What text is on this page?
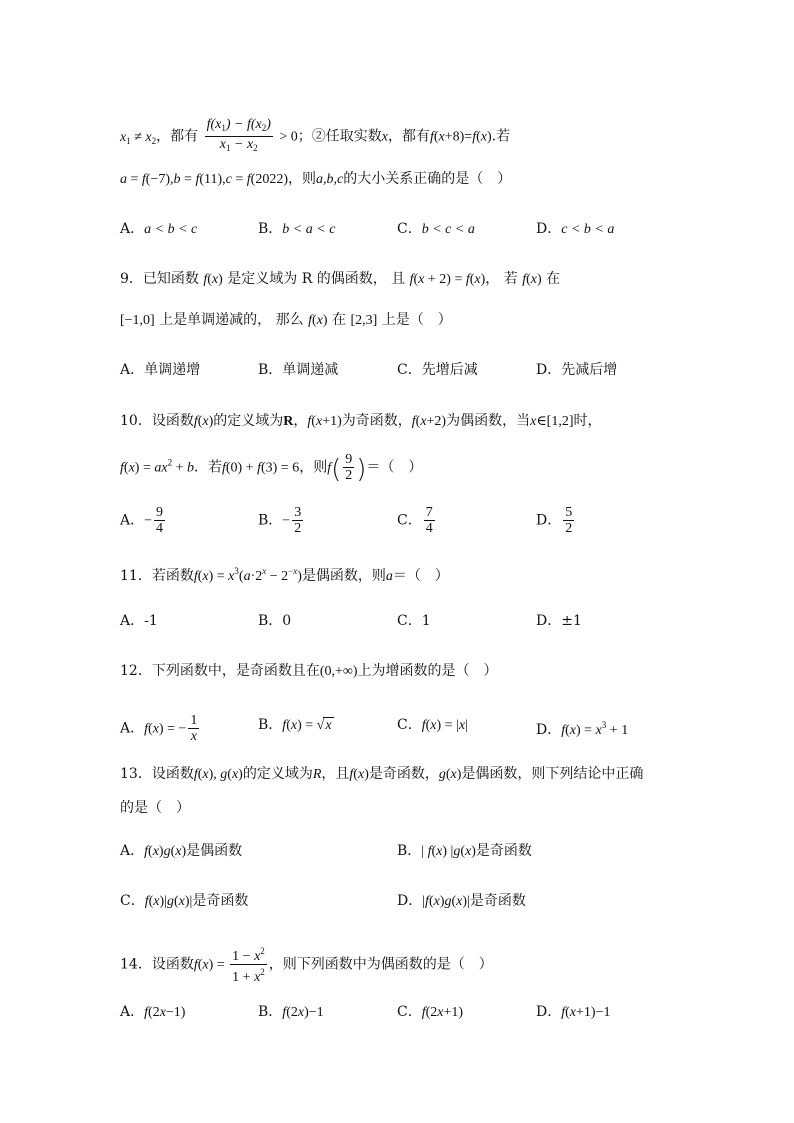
$x_1 \ne x_2$，都有 $\frac{f(x_1) - f(x_2)}{x_1 - x_2} > 0$；②任取实数x，都有f(x+8)=f(x).若
a = f(−7),b = f(11),c = f(2022)，则a,b,c的大小关系正确的是（　）
A．a < b < c	B．b < a < c	C．b < c < a	D．c < b < a
9．已知函数 f(x) 是定义域为 R 的偶函数， 且 f(x + 2) = f(x)， 若 f(x) 在
[−1,0] 上是单调递减的， 那么 f(x) 在 [2,3] 上是（　）
A．单调递增	B．单调递减	C．先增后减	D．先减后增
10．设函数f(x)的定义域为R，f(x+1)为奇函数，f(x+2)为偶函数，当x∈[1,2]时，
$f(x) = ax^2 + b$．若f(0) + f(3) = 6，则$f( \frac{9}{2}$ )＝（　）
A．− $\frac{9}{4}$	B．− $\frac{3}{2}$	C． $\frac{7}{4}$	D． $\frac{5}{2}$
11．若函数$f(x) = x^3(a\cdot 2^x - 2^{-x})$是偶函数，则a＝（　）
A．-1	B．0	C．1	D．±1
12．下列函数中，是奇函数且在(0,+∞)上为增函数的是（　）
A．f(x) = − $\frac{1}{x}$	B．f(x) = √x	C．f(x) = |x|	D．$f(x) = x^3 + 1$
13．设函数f(x), g(x)的定义域为R，且f(x)是奇函数，g(x)是偶函数，则下列结论中正确
的是（　）
A．f(x)g(x)是偶函数	B．| f(x) |g(x)是奇函数
C．f(x)|g(x)|是奇函数	D．|f(x)g(x)|是奇函数
14．设函数$f(x) = \frac{1 - x^2}{1 + x^2}$ ，则下列函数中为偶函数的是（　）
A．f(2x−1)	B．f(2x)−1	C．f(2x+1)	D．f(x+1)−1
